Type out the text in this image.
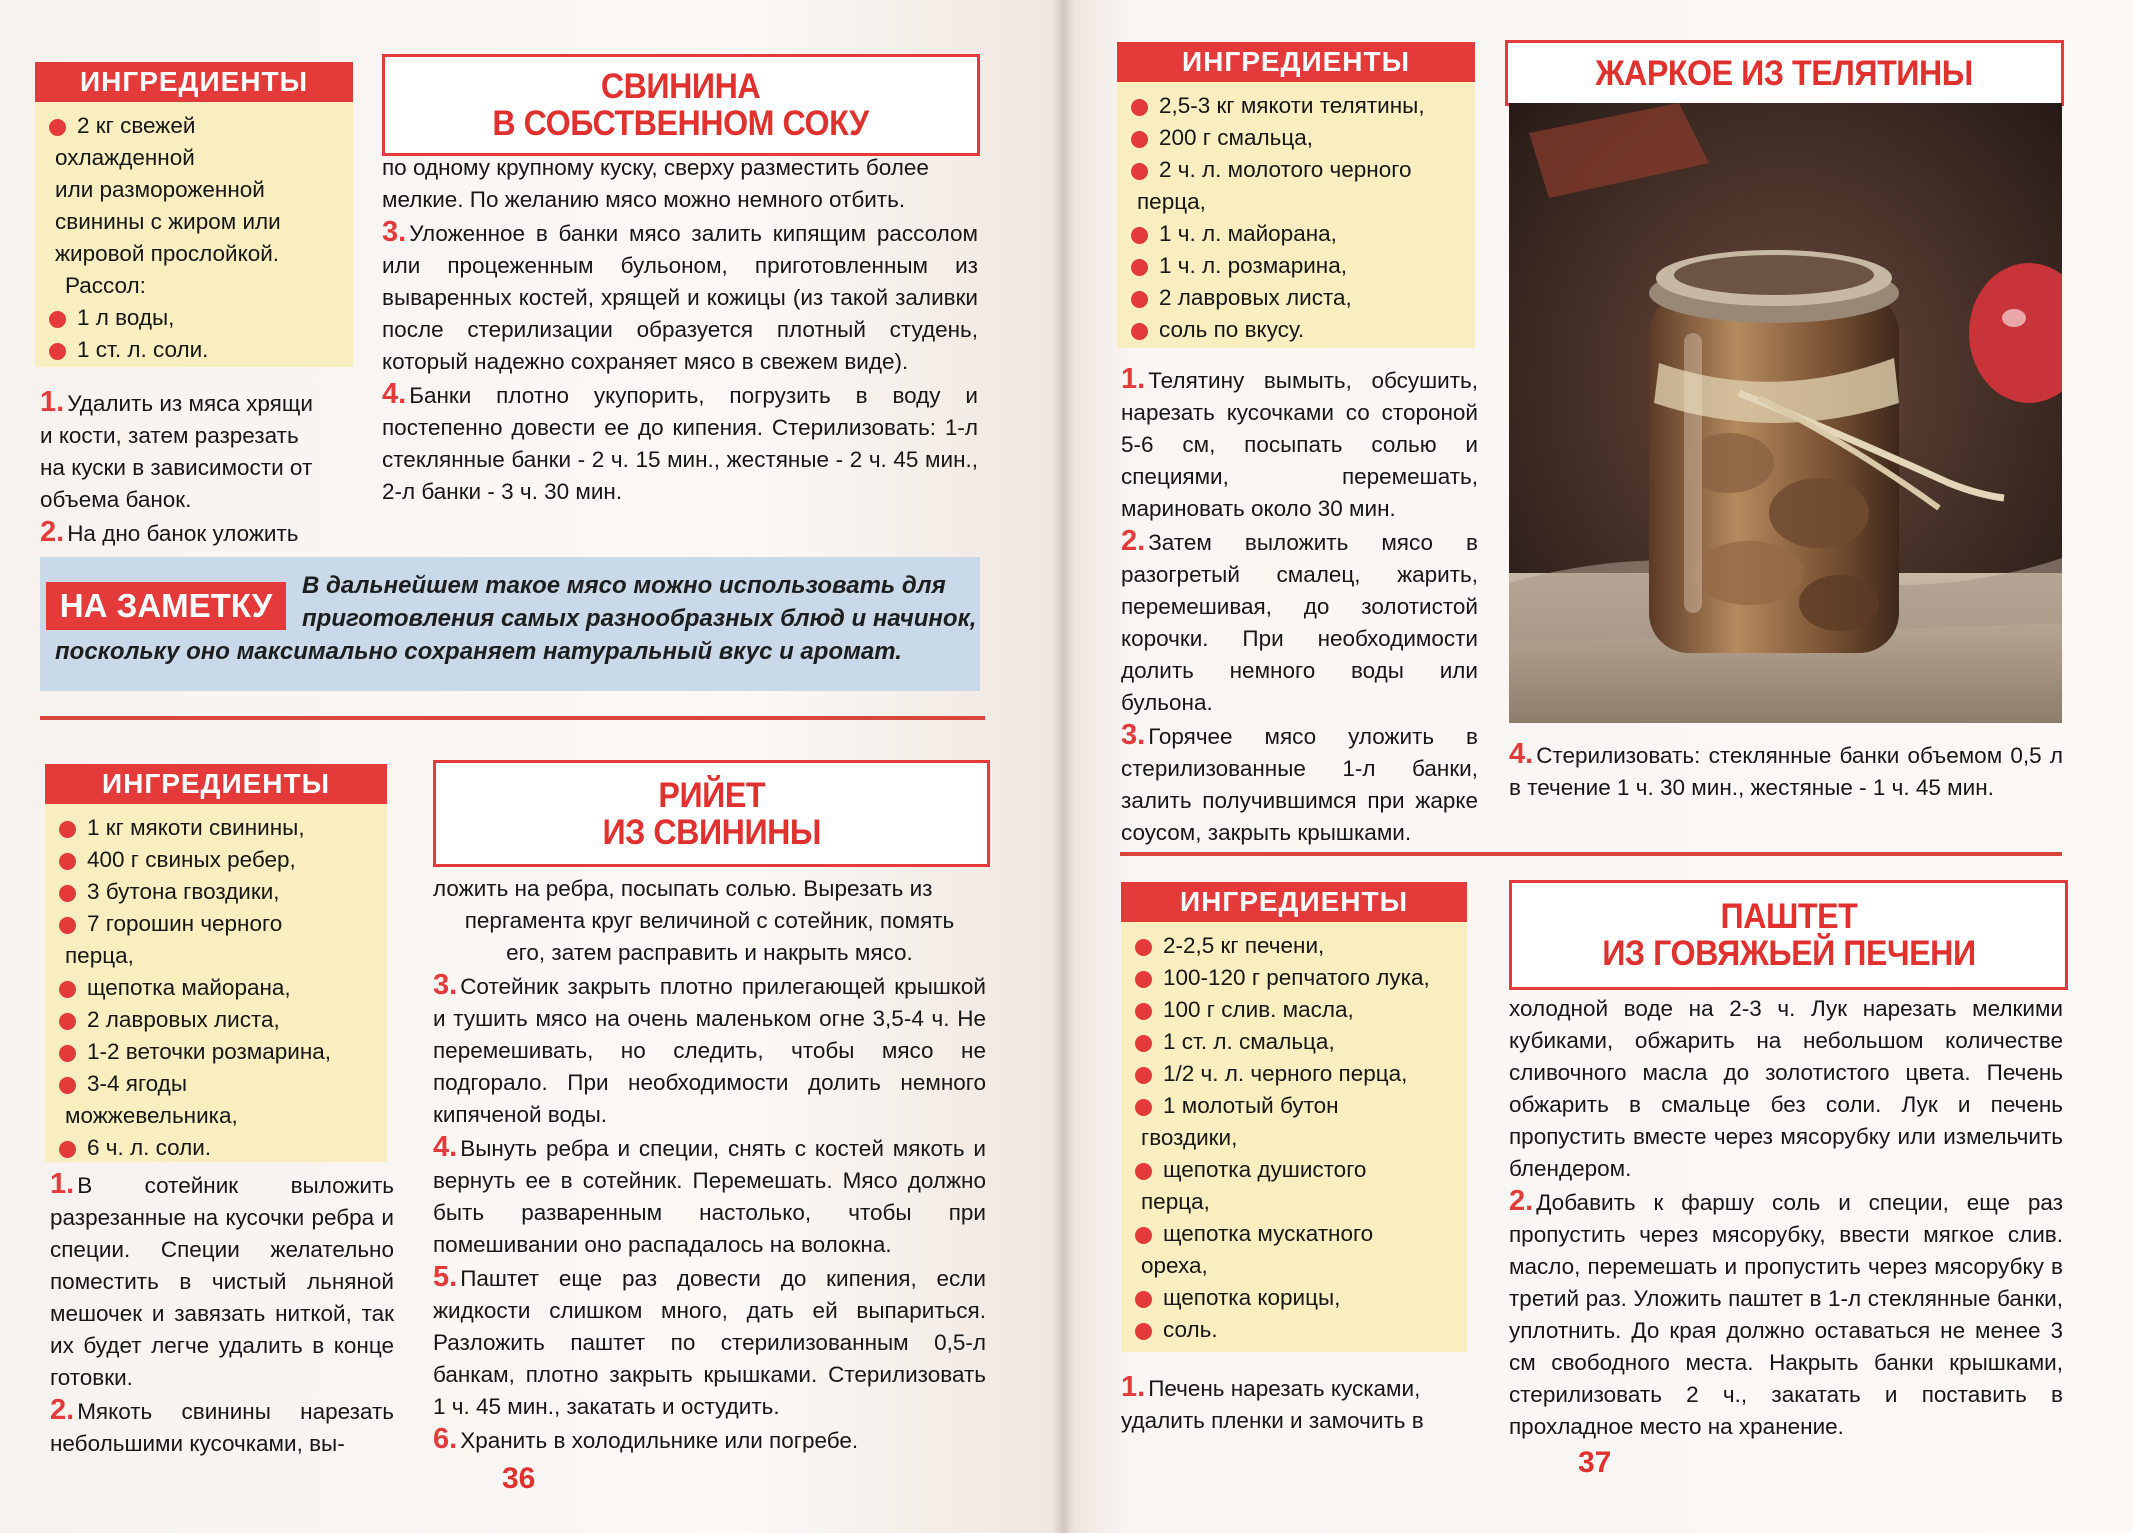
ИНГРЕДИЕНТЫ
2 кг свежей
охлажденной
или размороженной
свинины с жиром или
жировой прослойкой.
Рассол:
1 л воды,
1 ст. л. соли.
СВИНИНА
В СОБСТВЕННОМ СОКУ

1. Удалить из мяса хрящи

и кости, затем разрезать

на куски в зависимости от

объема банок.

2. На дно банок уложить

по одному крупному куску, сверху разместить более

мелкие. По желанию мясо можно немного отбить.

3. Уложенное в банки мясо залить кипящим рассолом или процеженным бульоном, приготовленным из вываренных костей, хрящей и кожицы (из такой заливки после стерилизации образуется плотный студень, который надежно сохраняет мясо в свежем виде).

4. Банки плотно укупорить, погрузить в воду и постепенно довести ее до кипения. Стерилизовать: 1-л стеклянные банки - 2 ч. 15 мин., жестяные - 2 ч. 45 мин., 2-л банки - 3 ч. 30 мин.

НА ЗАМЕТКУ
В дальнейшем такое мясо можно использовать для
приготовления самых разнообразных блюд и начинок,
поскольку оно максимально сохраняет натуральный вкус и аромат.
ИНГРЕДИЕНТЫ
1 кг мякоти свинины,
400 г свиных ребер,
3 бутона гвоздики,
7 горошин черного
перца,
щепотка майорана,
2 лавровых листа,
1-2 веточки розмарина,
3-4 ягоды
можжевельника,
6 ч. л. соли.
РИЙЕТ
ИЗ СВИНИНЫ

1. В сотейник выложить разрезанные на кусочки ребра и специи. Специи желательно поместить в чистый льняной мешочек и завязать ниткой, так их будет легче удалить в конце готовки.

2. Мякоть свинины нарезать небольшими кусочками, вы-

ложить на ребра, посыпать солью. Вырезать из

пергамента круг величиной с сотейник, помять

его, затем расправить и накрыть мясо.

3. Сотейник закрыть плотно прилегающей крышкой и тушить мясо на очень маленьком огне 3,5-4 ч. Не перемешивать, но следить, чтобы мясо не подгорало. При необходимости долить немного кипяченой воды.

4. Вынуть ребра и специи, снять с костей мякоть и вернуть ее в сотейник. Перемешать. Мясо должно быть разваренным настолько, чтобы при помешивании оно распадалось на волокна.

5. Паштет еще раз довести до кипения, если жидкости слишком много, дать ей выпариться. Разложить паштет по стерилизованным 0,5-л банкам, плотно закрыть крышками. Стерилизовать 1 ч. 45 мин., закатать и остудить.

6. Хранить в холодильнике или погребе.

36
ИНГРЕДИЕНТЫ
2,5-3 кг мякоти телятины,
200 г смальца,
2 ч. л. молотого черного
перца,
1 ч. л. майорана,
1 ч. л. розмарина,
2 лавровых листа,
соль по вкусу.
ЖАРКОЕ ИЗ ТЕЛЯТИНЫ

1. Телятину вымыть, обсушить, нарезать кусочками со стороной 5-6 см, посыпать солью и специями, перемешать, мариновать около 30 мин.

2. Затем выложить мясо в разогретый смалец, жарить, перемешивая, до золотистой корочки. При необходимости долить немного воды или бульона.

3. Горячее мясо уложить в стерилизованные 1-л банки, залить получившимся при жарке соусом, закрыть крышками.

4. Стерилизовать: стеклянные банки объемом 0,5 л в течение 1 ч. 30 мин., жестяные - 1 ч. 45 мин.

ИНГРЕДИЕНТЫ
2-2,5 кг печени,
100-120 г репчатого лука,
100 г слив. масла,
1 ст. л. смальца,
1/2 ч. л. черного перца,
1 молотый бутон
гвоздики,
щепотка душистого
перца,
щепотка мускатного
ореха,
щепотка корицы,
соль.
ПАШТЕТ
ИЗ ГОВЯЖЬЕЙ ПЕЧЕНИ

1. Печень нарезать кусками,

удалить пленки и замочить в

холодной воде на 2-3 ч. Лук нарезать мелкими кубиками, обжарить на небольшом количестве сливочного масла до золотистого цвета. Печень обжарить в смальце без соли. Лук и печень пропустить вместе через мясорубку или измельчить блендером.

2. Добавить к фаршу соль и специи, еще раз пропустить через мясорубку, ввести мягкое слив. масло, перемешать и пропустить через мясорубку в третий раз. Уложить паштет в 1-л стеклянные банки, уплотнить. До края должно оставаться не менее 3 см свободного места. Накрыть банки крышками, стерилизовать 2 ч., закатать и поставить в прохладное место на хранение.

37
